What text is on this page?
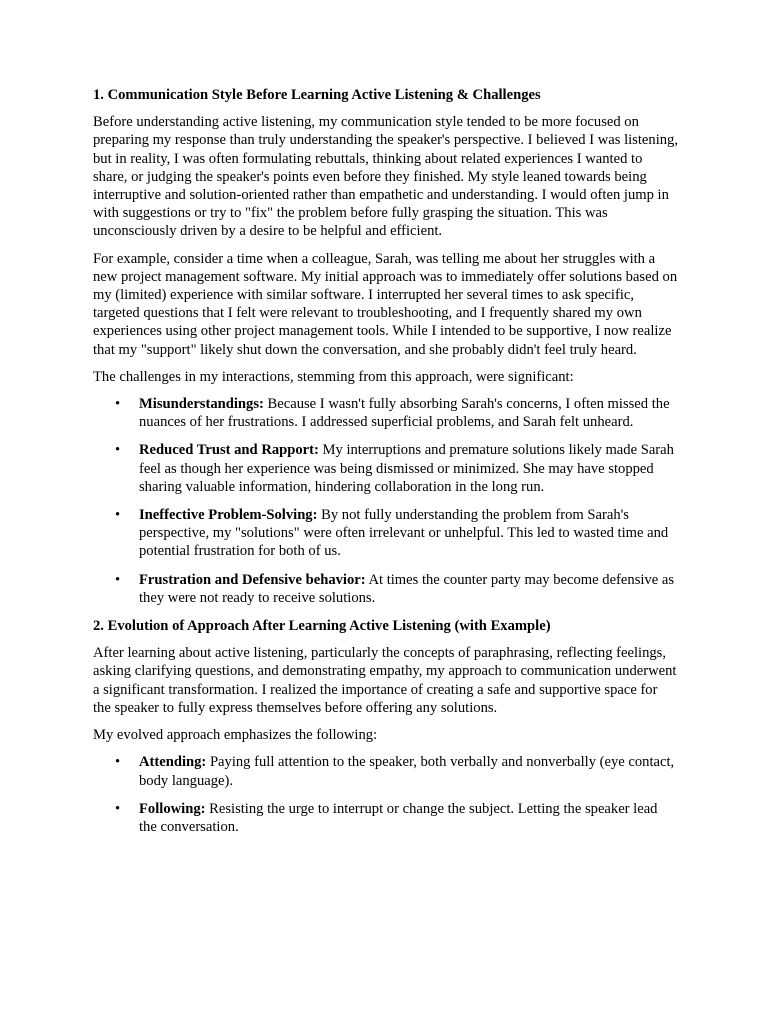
1. Communication Style Before Learning Active Listening & Challenges

Before understanding active listening, my communication style tended to be more focused on preparing my response than truly understanding the speaker's perspective. I believed I was listening, but in reality, I was often formulating rebuttals, thinking about related experiences I wanted to share, or judging the speaker's points even before they finished. My style leaned towards being interruptive and solution-oriented rather than empathetic and understanding. I would often jump in with suggestions or try to "fix" the problem before fully grasping the situation. This was unconsciously driven by a desire to be helpful and efficient.

For example, consider a time when a colleague, Sarah, was telling me about her struggles with a new project management software. My initial approach was to immediately offer solutions based on my (limited) experience with similar software. I interrupted her several times to ask specific, targeted questions that I felt were relevant to troubleshooting, and I frequently shared my own experiences using other project management tools. While I intended to be supportive, I now realize that my "support" likely shut down the conversation, and she probably didn't feel truly heard.

The challenges in my interactions, stemming from this approach, were significant:

• Misunderstandings: Because I wasn't fully absorbing Sarah's concerns, I often missed the nuances of her frustrations. I addressed superficial problems, and Sarah felt unheard.
• Reduced Trust and Rapport: My interruptions and premature solutions likely made Sarah feel as though her experience was being dismissed or minimized. She may have stopped sharing valuable information, hindering collaboration in the long run.
• Ineffective Problem-Solving: By not fully understanding the problem from Sarah's perspective, my "solutions" were often irrelevant or unhelpful. This led to wasted time and potential frustration for both of us.
• Frustration and Defensive behavior: At times the counter party may become defensive as they were not ready to receive solutions.
2. Evolution of Approach After Learning Active Listening (with Example)

After learning about active listening, particularly the concepts of paraphrasing, reflecting feelings, asking clarifying questions, and demonstrating empathy, my approach to communication underwent a significant transformation. I realized the importance of creating a safe and supportive space for the speaker to fully express themselves before offering any solutions.

My evolved approach emphasizes the following:

• Attending: Paying full attention to the speaker, both verbally and nonverbally (eye contact, body language).
• Following: Resisting the urge to interrupt or change the subject. Letting the speaker lead the conversation.
